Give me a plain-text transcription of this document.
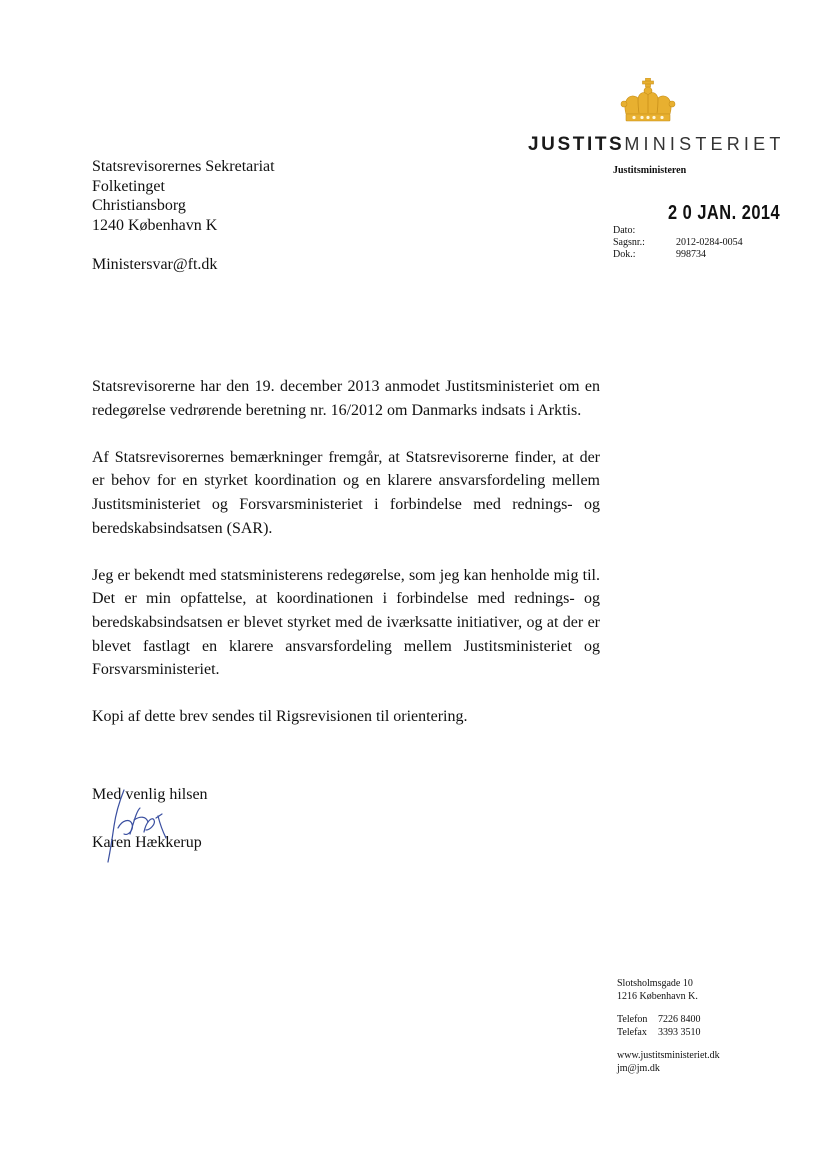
JUSTITSMINISTERIET
Justitsministeren
Statsrevisorernes Sekretariat
Folketinget
Christiansborg
1240 København K
Ministersvar@ft.dk
2 0 JAN. 2014
Dato:
Sagsnr.:	2012-0284-0054
Dok.:	998734

Statsrevisorerne har den 19. december 2013 anmodet Justitsministeriet om en redegørelse vedrørende beretning nr. 16/2012 om Danmarks indsats i Arktis.

Af Statsrevisorernes bemærkninger fremgår, at Statsrevisorerne finder, at der er behov for en styrket koordination og en klarere ansvarsfordeling mellem Justitsministeriet og Forsvarsministeriet i forbindelse med rednings- og beredskabsindsatsen (SAR).

Jeg er bekendt med statsministerens redegørelse, som jeg kan henholde mig til. Det er min opfattelse, at koordinationen i forbindelse med rednings- og beredskabsindsatsen er blevet styrket med de iværksatte initiativer, og at der er blevet fastlagt en klarere ansvarsfordeling mellem Justitsministeriet og Forsvarsministeriet.

Kopi af dette brev sendes til Rigsrevisionen til orientering.

Med venlig hilsen
Karen Hækkerup
Slotsholmsgade 10
1216 København K.
Telefon	7226 8400
Telefax	3393 3510
www.justitsministeriet.dk
jm@jm.dk
